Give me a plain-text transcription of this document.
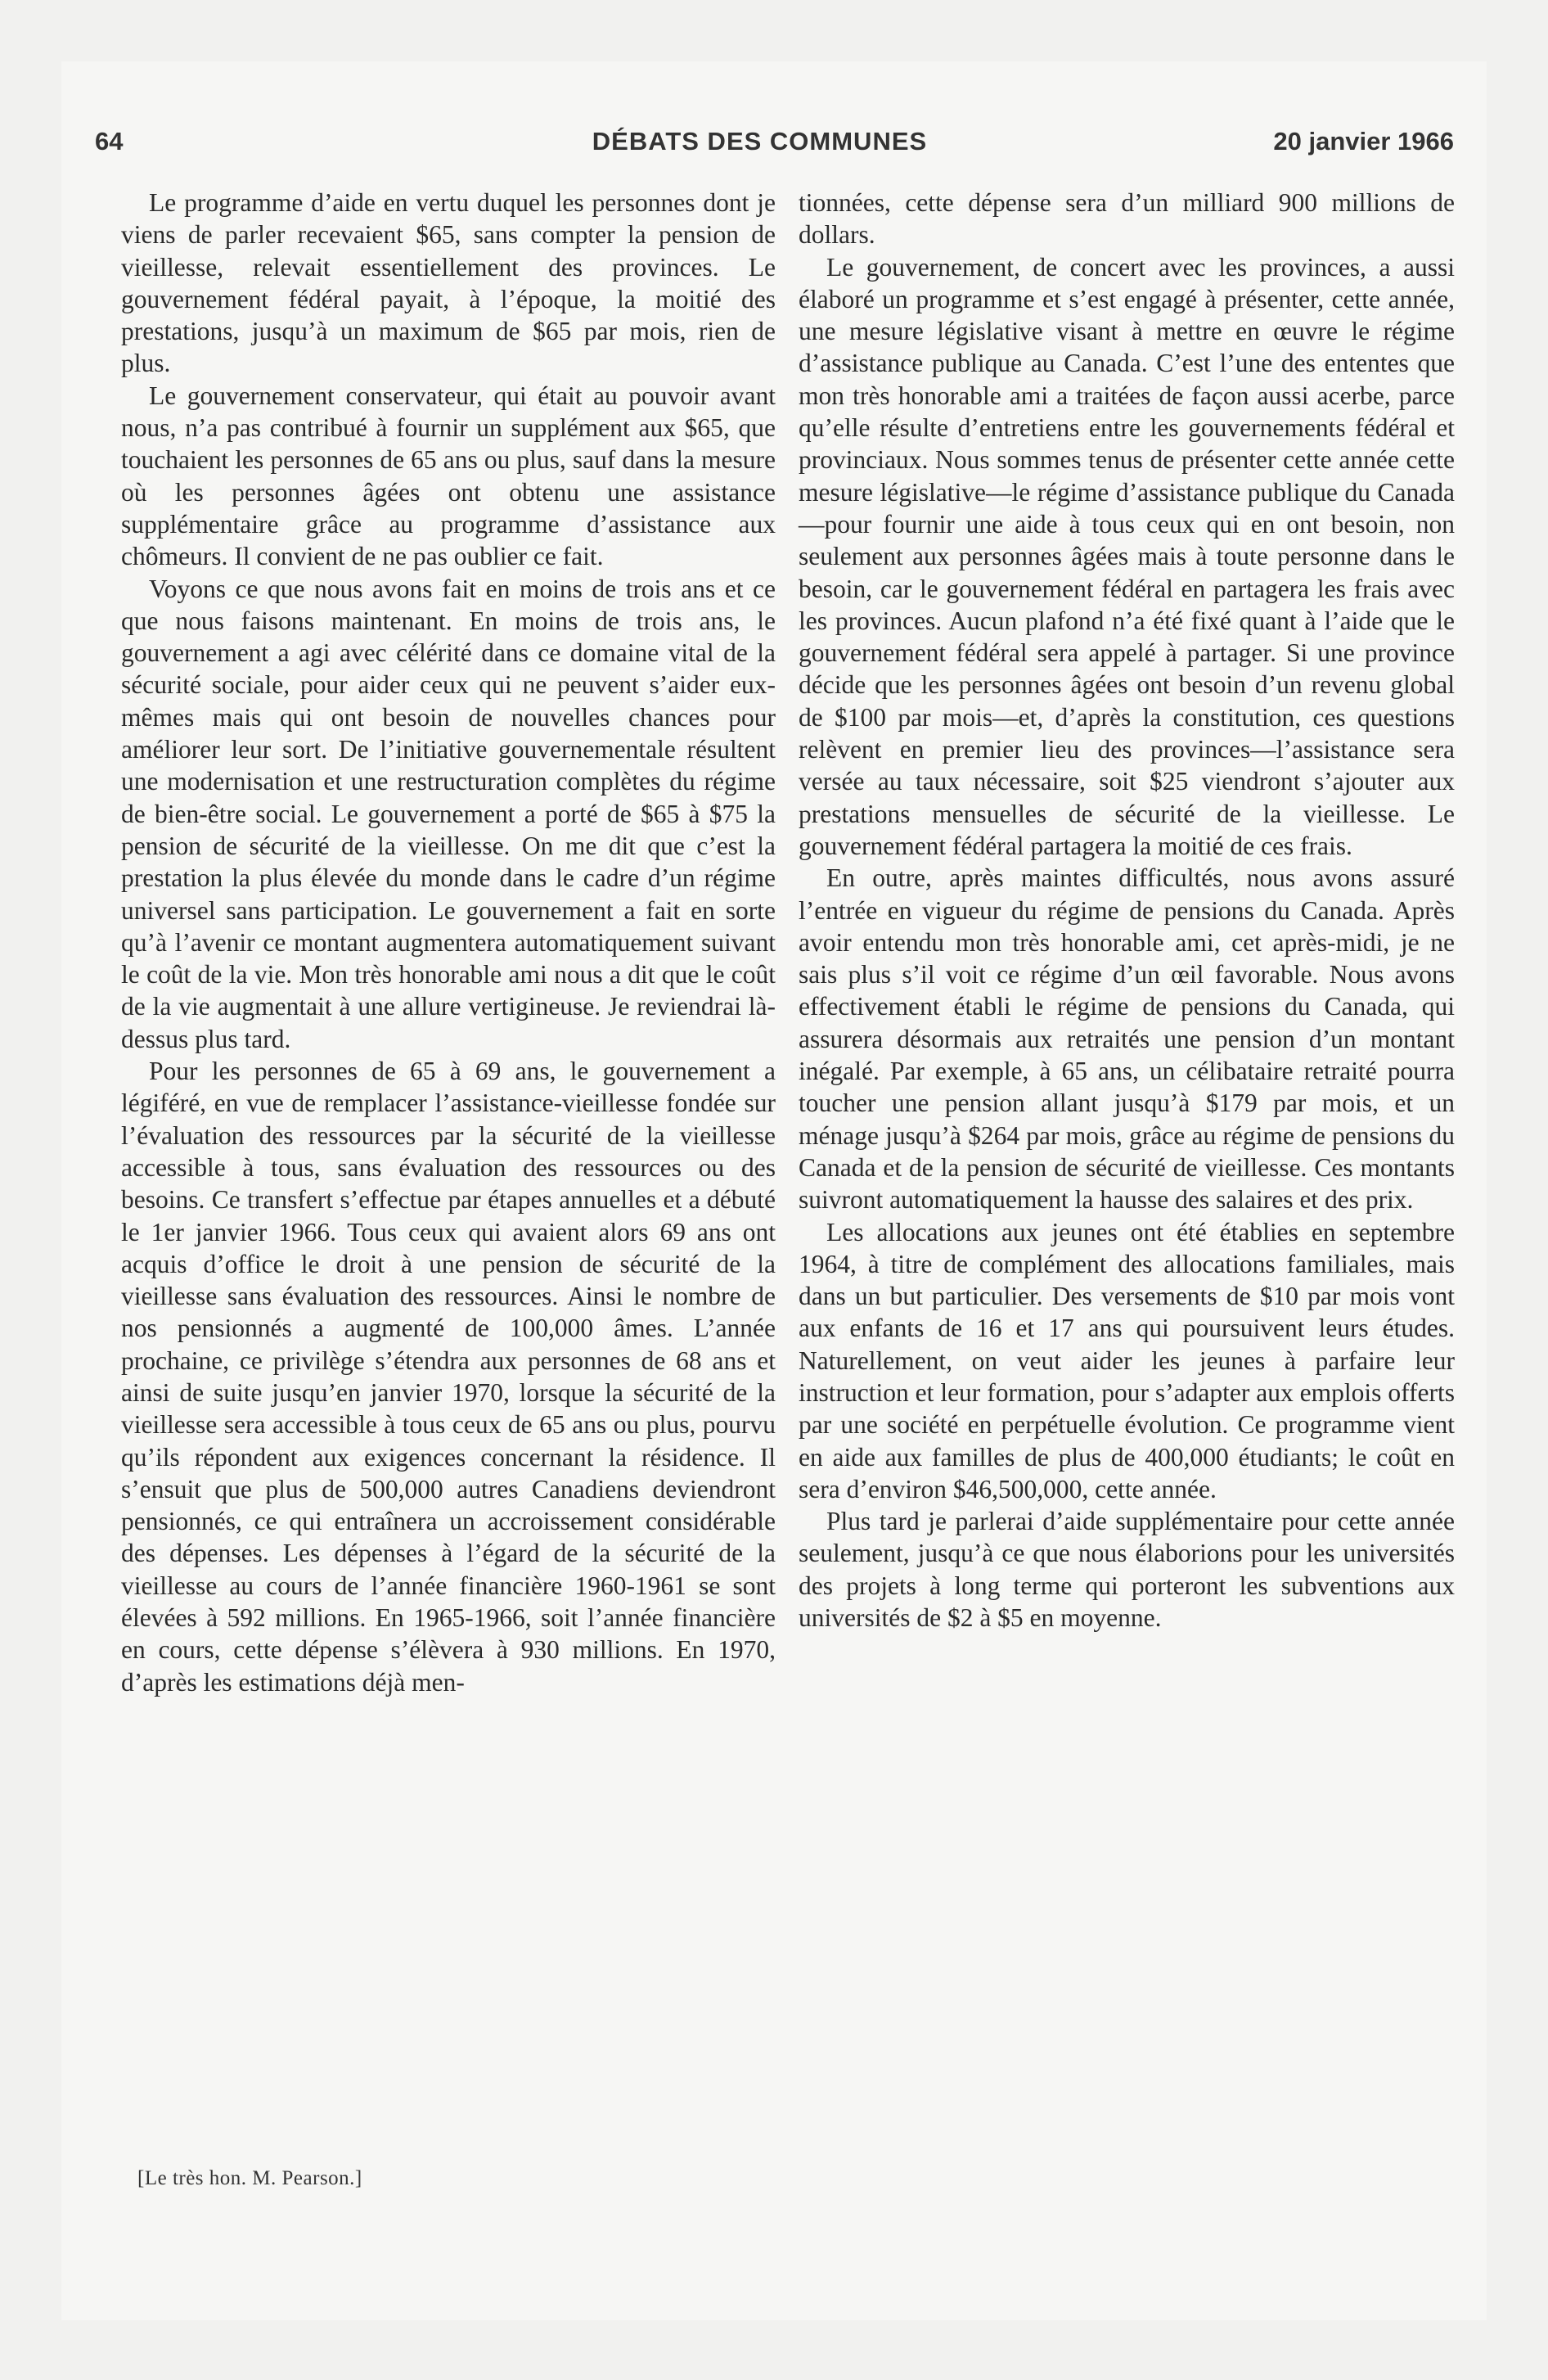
64	DÉBATS DES COMMUNES	20 janvier 1966

Le programme d’aide en vertu duquel les personnes dont je viens de parler recevaient $65, sans compter la pension de vieillesse, relevait essentiellement des provinces. Le gouvernement fédéral payait, à l’époque, la moitié des prestations, jusqu’à un maximum de $65 par mois, rien de plus.

Le gouvernement conservateur, qui était au pouvoir avant nous, n’a pas contribué à fournir un supplément aux $65, que touchaient les personnes de 65 ans ou plus, sauf dans la mesure où les personnes âgées ont obtenu une assistance supplémentaire grâce au programme d’assistance aux chômeurs. Il convient de ne pas oublier ce fait.

Voyons ce que nous avons fait en moins de trois ans et ce que nous faisons maintenant. En moins de trois ans, le gouvernement a agi avec célérité dans ce domaine vital de la sécurité sociale, pour aider ceux qui ne peuvent s’aider eux-mêmes mais qui ont besoin de nouvelles chances pour améliorer leur sort. De l’initiative gouvernementale résultent une modernisation et une restructuration complètes du régime de bien-être social. Le gouvernement a porté de $65 à $75 la pension de sécurité de la vieillesse. On me dit que c’est la prestation la plus élevée du monde dans le cadre d’un régime universel sans participation. Le gouvernement a fait en sorte qu’à l’avenir ce montant augmentera automatiquement suivant le coût de la vie. Mon très honorable ami nous a dit que le coût de la vie augmentait à une allure vertigineuse. Je reviendrai là-dessus plus tard.

Pour les personnes de 65 à 69 ans, le gouvernement a légiféré, en vue de remplacer l’assistance-vieillesse fondée sur l’évaluation des ressources par la sécurité de la vieillesse accessible à tous, sans évaluation des ressources ou des besoins. Ce transfert s’effectue par étapes annuelles et a débuté le 1er janvier 1966. Tous ceux qui avaient alors 69 ans ont acquis d’office le droit à une pension de sécurité de la vieillesse sans évaluation des ressources. Ainsi le nombre de nos pensionnés a augmenté de 100,000 âmes. L’année prochaine, ce privilège s’étendra aux personnes de 68 ans et ainsi de suite jusqu’en janvier 1970, lorsque la sécurité de la vieillesse sera accessible à tous ceux de 65 ans ou plus, pourvu qu’ils répondent aux exigences concernant la résidence. Il s’ensuit que plus de 500,000 autres Canadiens deviendront pensionnés, ce qui entraînera un accroissement considérable des dépenses. Les dépenses à l’égard de la sécurité de la vieillesse au cours de l’année financière 1960-1961 se sont élevées à 592 millions. En 1965-1966, soit l’année financière en cours, cette dépense s’élèvera à 930 millions. En 1970, d’après les estimations déjà men-

tionnées, cette dépense sera d’un milliard 900 millions de dollars.

Le gouvernement, de concert avec les provinces, a aussi élaboré un programme et s’est engagé à présenter, cette année, une mesure législative visant à mettre en œuvre le régime d’assistance publique au Canada. C’est l’une des ententes que mon très honorable ami a traitées de façon aussi acerbe, parce qu’elle résulte d’entretiens entre les gouvernements fédéral et provinciaux. Nous sommes tenus de présenter cette année cette mesure législative—le régime d’assistance publique du Canada—pour fournir une aide à tous ceux qui en ont besoin, non seulement aux personnes âgées mais à toute personne dans le besoin, car le gouvernement fédéral en partagera les frais avec les provinces. Aucun plafond n’a été fixé quant à l’aide que le gouvernement fédéral sera appelé à partager. Si une province décide que les personnes âgées ont besoin d’un revenu global de $100 par mois—et, d’après la constitution, ces questions relèvent en premier lieu des provinces—l’assistance sera versée au taux nécessaire, soit $25 viendront s’ajouter aux prestations mensuelles de sécurité de la vieillesse. Le gouvernement fédéral partagera la moitié de ces frais.

En outre, après maintes difficultés, nous avons assuré l’entrée en vigueur du régime de pensions du Canada. Après avoir entendu mon très honorable ami, cet après-midi, je ne sais plus s’il voit ce régime d’un œil favorable. Nous avons effectivement établi le régime de pensions du Canada, qui assurera désormais aux retraités une pension d’un montant inégalé. Par exemple, à 65 ans, un célibataire retraité pourra toucher une pension allant jusqu’à $179 par mois, et un ménage jusqu’à $264 par mois, grâce au régime de pensions du Canada et de la pension de sécurité de vieillesse. Ces montants suivront automatiquement la hausse des salaires et des prix.

Les allocations aux jeunes ont été établies en septembre 1964, à titre de complément des allocations familiales, mais dans un but particulier. Des versements de $10 par mois vont aux enfants de 16 et 17 ans qui poursuivent leurs études. Naturellement, on veut aider les jeunes à parfaire leur instruction et leur formation, pour s’adapter aux emplois offerts par une société en perpétuelle évolution. Ce programme vient en aide aux familles de plus de 400,000 étudiants; le coût en sera d’environ $46,500,000, cette année.

Plus tard je parlerai d’aide supplémentaire pour cette année seulement, jusqu’à ce que nous élaborions pour les universités des projets à long terme qui porteront les subventions aux universités de $2 à $5 en moyenne.

[Le très hon. M. Pearson.]
